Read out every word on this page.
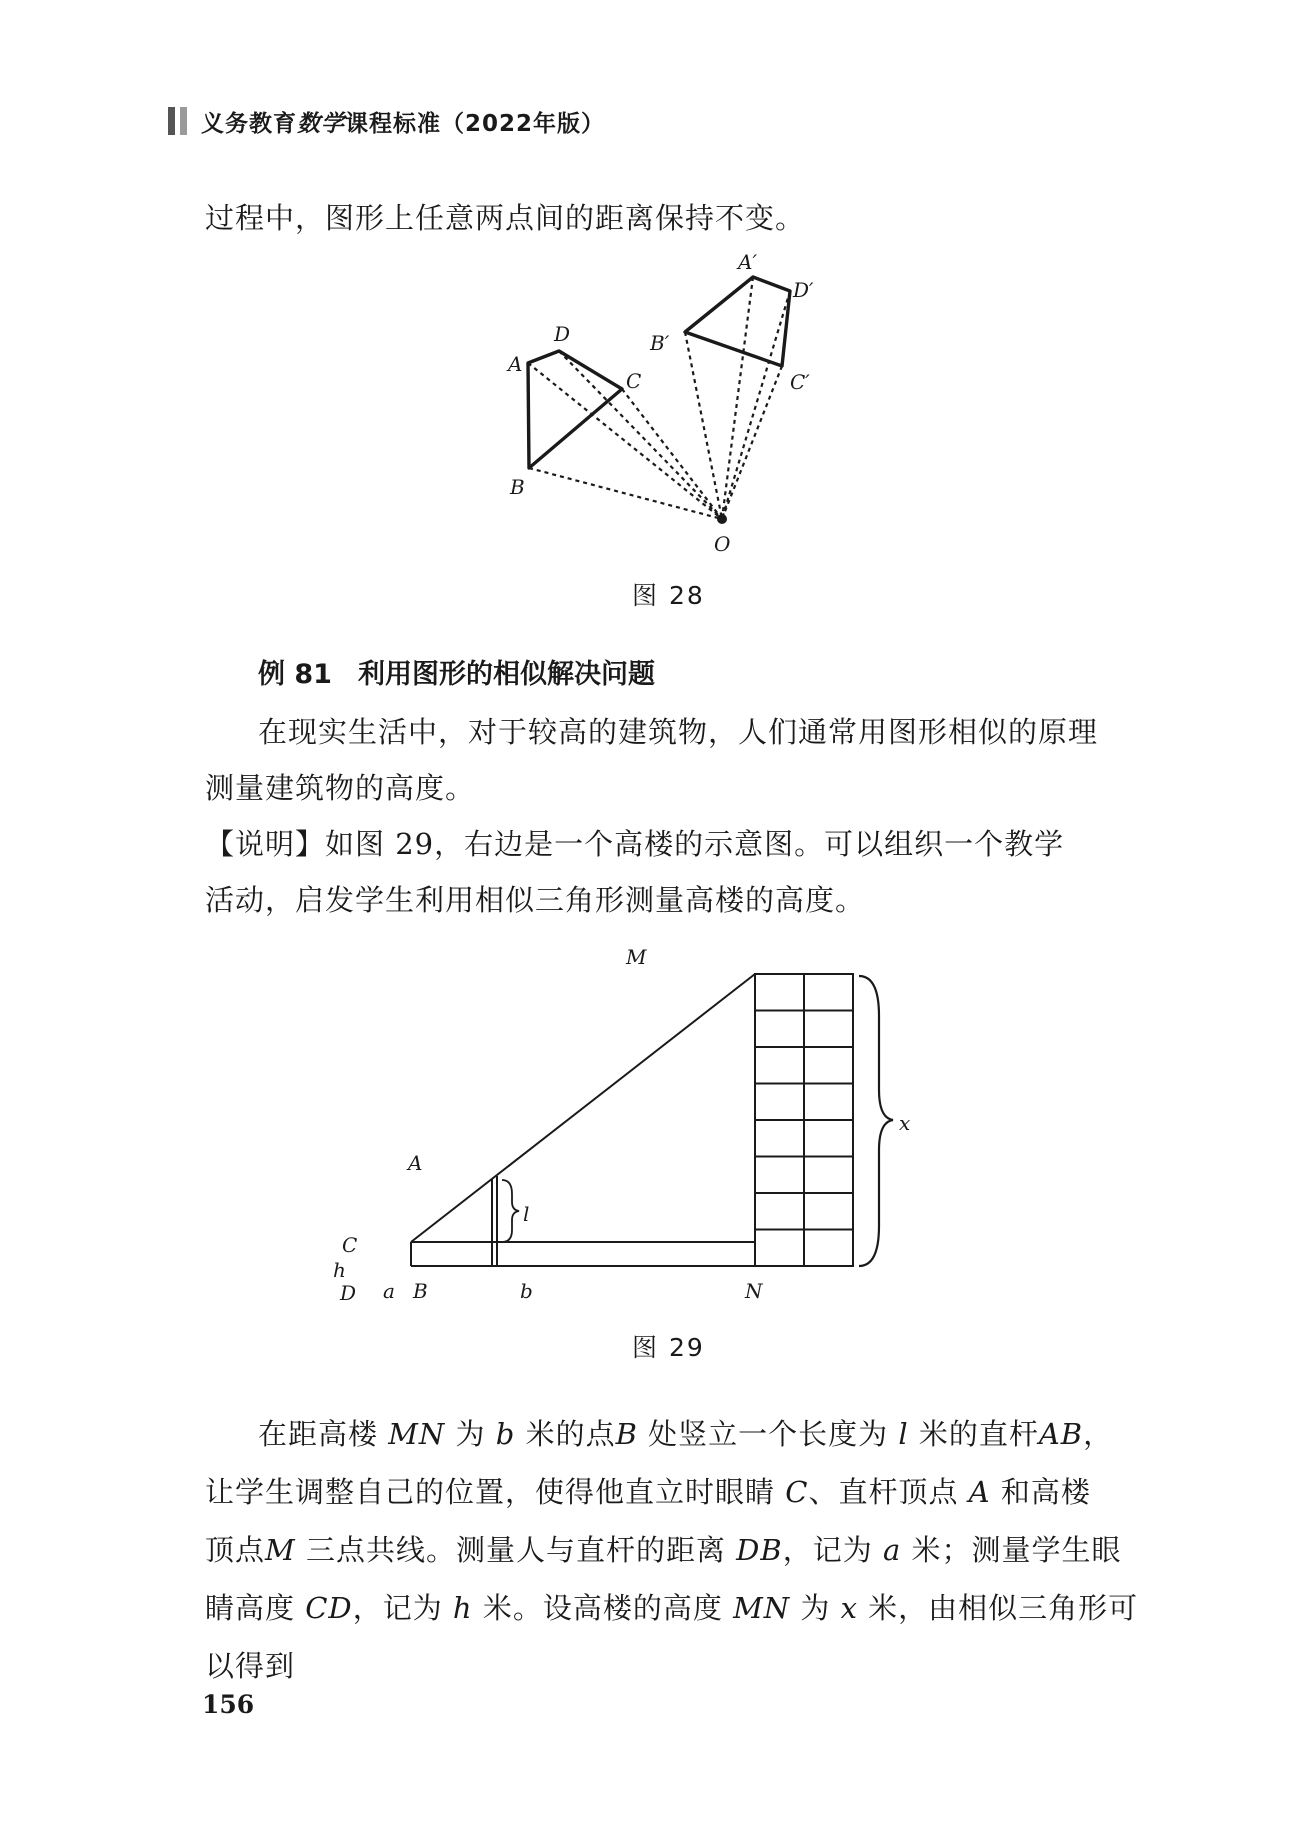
义务教育数学课程标准（2022年版）
过程中，图形上任意两点间的距离保持不变。
A
D
C
B
A′
D′
C′
B′
O
图 28
例 81 利用图形的相似解决问题
在现实生活中，对于较高的建筑物，人们通常用图形相似的原理
测量建筑物的高度。
【说明】如图 29，右边是一个高楼的示意图。可以组织一个教学
活动，启发学生利用相似三角形测量高楼的高度。
M
A
C
h
l
x
D a B	b	N
图 29
在距高楼 MN 为 b 米的点B 处竖立一个长度为 l 米的直杆AB，
让学生调整自己的位置，使得他直立时眼睛 C、直杆顶点 A 和高楼
顶点M 三点共线。测量人与直杆的距离 DB，记为 a 米；测量学生眼
睛高度 CD，记为 h 米。设高楼的高度 MN 为 x 米，由相似三角形可
以得到
156
